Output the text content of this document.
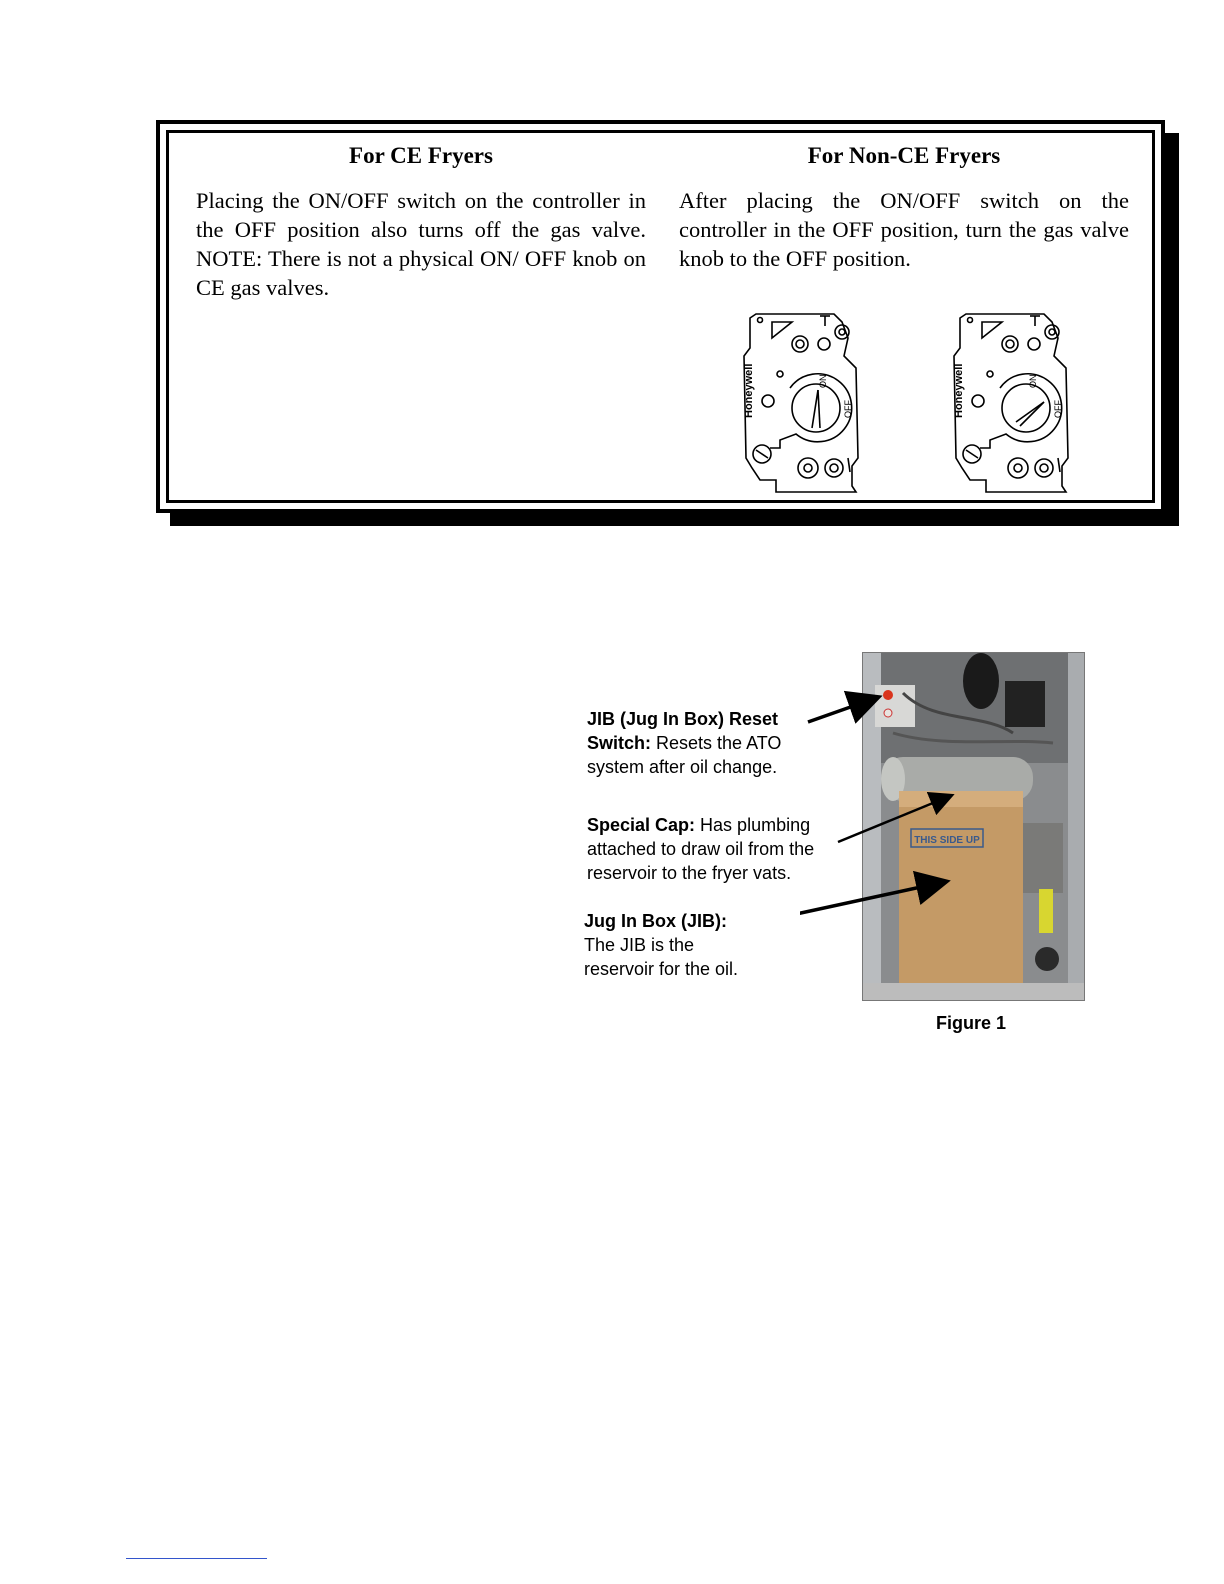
For CE Fryers	For Non-CE Fryers
Placing the ON/OFF switch on the controller in the OFF position also turns off the gas valve. NOTE: There is not a physical ON/ OFF knob on CE gas valves.
After placing the ON/OFF switch on the controller in the OFF position, turn the gas valve knob to the OFF position.
Honeywell	ON
OFF	Honeywell	ON
OFF
JIB (Jug In Box) Reset Switch: Resets the ATO system after oil change.
Special Cap: Has plumbing attached to draw oil from the reservoir to the fryer vats.
Jug In Box (JIB):
The JIB is the reservoir for the oil.
THIS SIDE UP
Figure 1
